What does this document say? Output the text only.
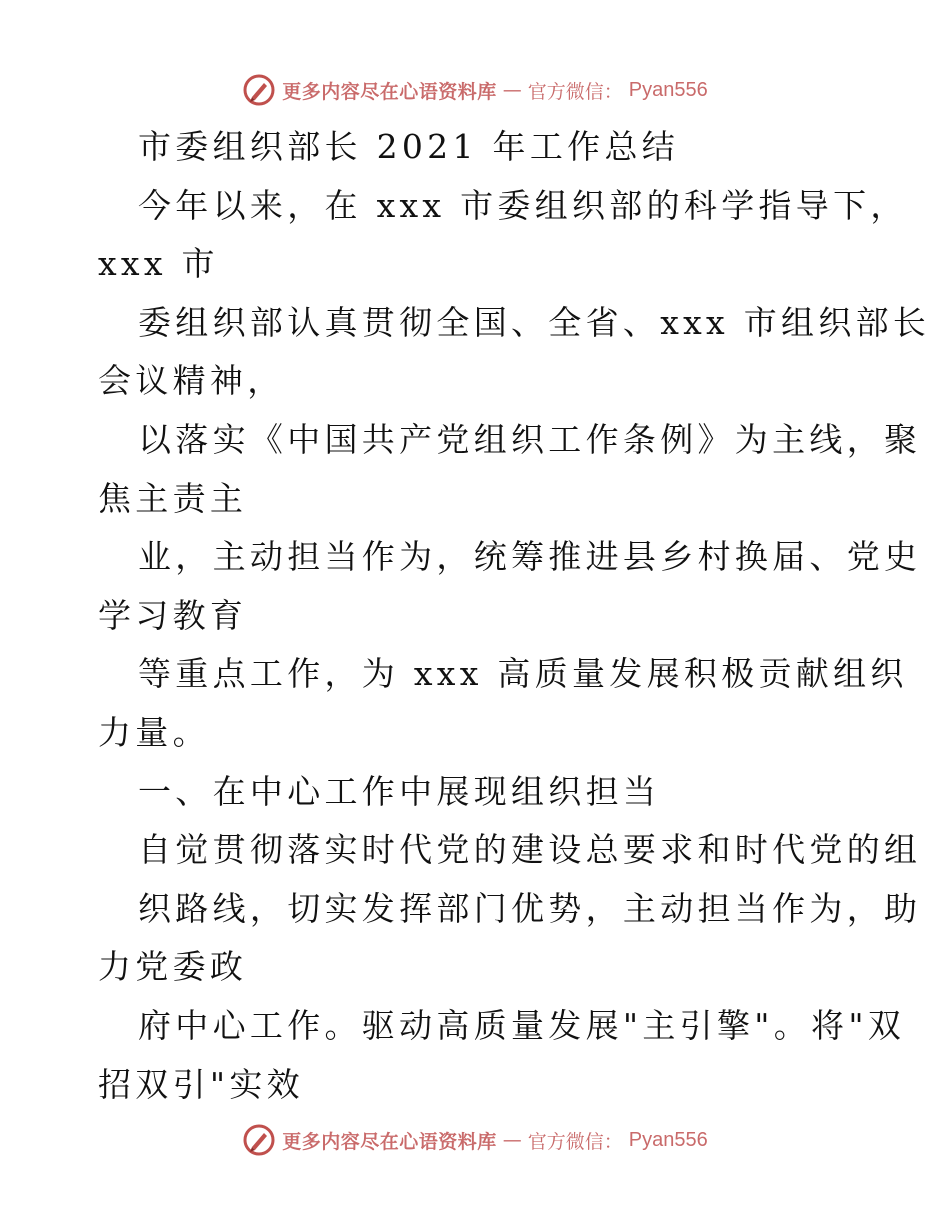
更多内容尽在心语资料库 — 官方微信： Pyan556
市委组织部长 2021 年工作总结
今年以来，在 xxx 市委组织部的科学指导下，
xxx 市
委组织部认真贯彻全国、全省、xxx 市组织部长
会议精神，
以落实《中国共产党组织工作条例》为主线，聚
焦主责主
业，主动担当作为，统筹推进县乡村换届、党史
学习教育
等重点工作，为 xxx 高质量发展积极贡献组织
力量。
一、在中心工作中展现组织担当
自觉贯彻落实时代党的建设总要求和时代党的组
织路线，切实发挥部门优势，主动担当作为，助
力党委政
府中心工作。驱动高质量发展"主引擎"。将"双
招双引"实效
更多内容尽在心语资料库 — 官方微信： Pyan556
